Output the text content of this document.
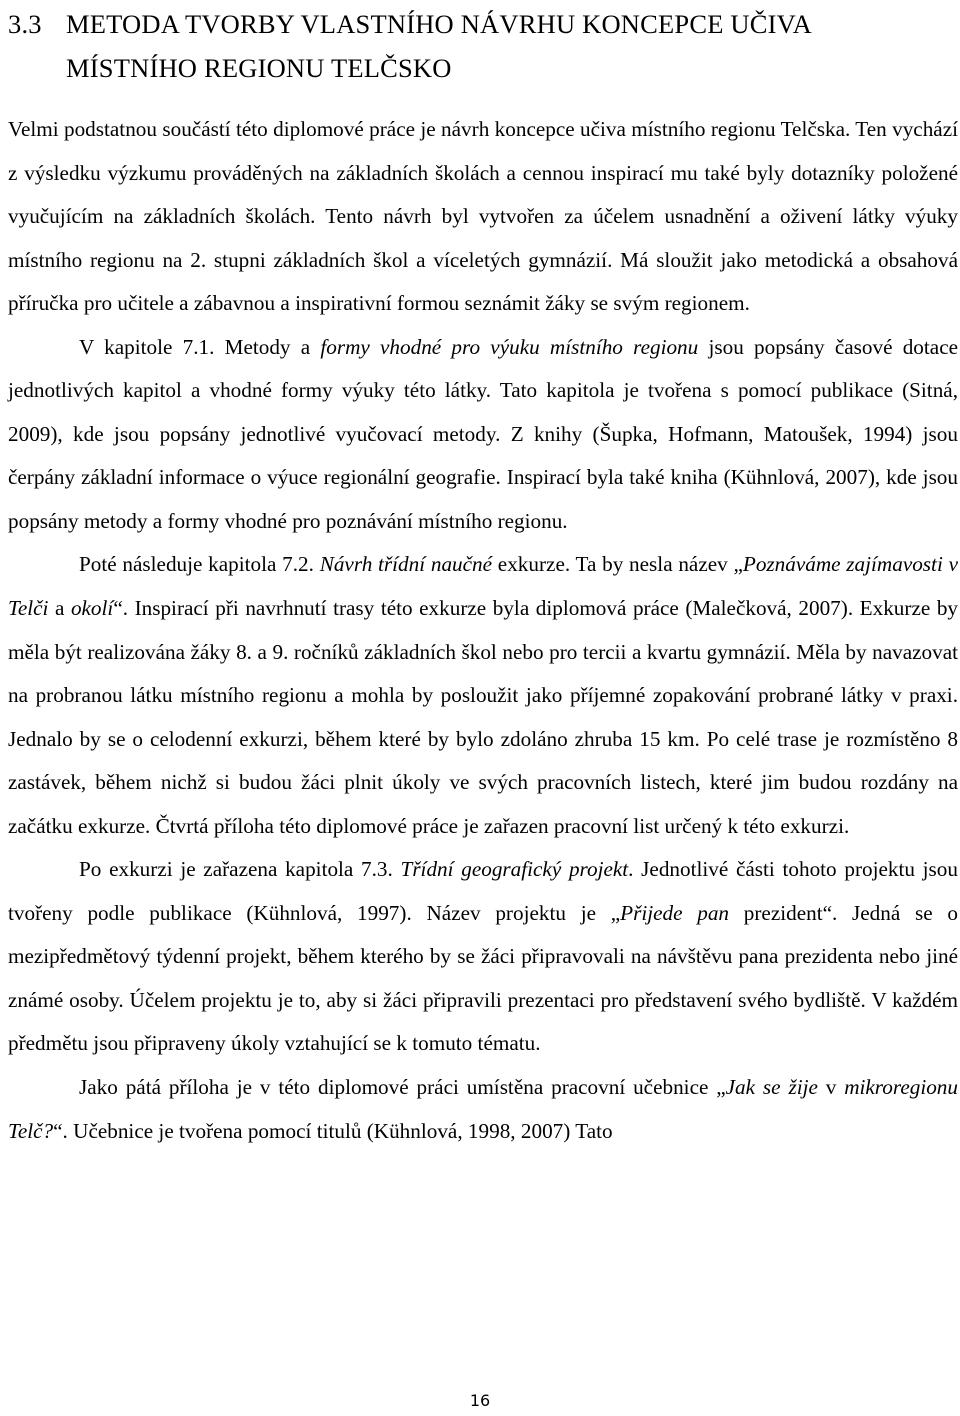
3.3 METODA TVORBY VLASTNÍHO NÁVRHU KONCEPCE UČIVA
MÍSTNÍHO REGIONU TELČSKO

Velmi podstatnou součástí této diplomové práce je návrh koncepce učiva místního regionu Telčska. Ten vychází z výsledku výzkumu prováděných na základních školách a cennou inspirací mu také byly dotazníky položené vyučujícím na základních školách. Tento návrh byl vytvořen za účelem usnadnění a oživení látky výuky místního regionu na 2. stupni základních škol a víceletých gymnázií. Má sloužit jako metodická a obsahová příručka pro učitele a zábavnou a inspirativní formou seznámit žáky se svým regionem.

V kapitole 7.1. Metody a formy vhodné pro výuku místního regionu jsou popsány časové dotace jednotlivých kapitol a vhodné formy výuky této látky. Tato kapitola je tvořena s pomocí publikace (Sitná, 2009), kde jsou popsány jednotlivé vyučovací metody. Z knihy (Šupka, Hofmann, Matoušek, 1994) jsou čerpány základní informace o výuce regionální geografie. Inspirací byla také kniha (Kühnlová, 2007), kde jsou popsány metody a formy vhodné pro poznávání místního regionu.

Poté následuje kapitola 7.2. Návrh třídní naučné exkurze. Ta by nesla název „Poznáváme zajímavosti v Telči a okolí“. Inspirací při navrhnutí trasy této exkurze byla diplomová práce (Malečková, 2007). Exkurze by měla být realizována žáky 8. a 9. ročníků základních škol nebo pro tercii a kvartu gymnázií. Měla by navazovat na probranou látku místního regionu a mohla by posloužit jako příjemné zopakování probrané látky v praxi. Jednalo by se o celodenní exkurzi, během které by bylo zdoláno zhruba 15 km. Po celé trase je rozmístěno 8 zastávek, během nichž si budou žáci plnit úkoly ve svých pracovních listech, které jim budou rozdány na začátku exkurze. Čtvrtá příloha této diplomové práce je zařazen pracovní list určený k této exkurzi.

Po exkurzi je zařazena kapitola 7.3. Třídní geografický projekt. Jednotlivé části tohoto projektu jsou tvořeny podle publikace (Kühnlová, 1997). Název projektu je „Přijede pan prezident“. Jedná se o mezipředmětový týdenní projekt, během kterého by se žáci připravovali na návštěvu pana prezidenta nebo jiné známé osoby. Účelem projektu je to, aby si žáci připravili prezentaci pro představení svého bydliště. V každém předmětu jsou připraveny úkoly vztahující se k tomuto tématu.

Jako pátá příloha je v této diplomové práci umístěna pracovní učebnice „Jak se žije v mikroregionu Telč?“. Učebnice je tvořena pomocí titulů (Kühnlová, 1998, 2007) Tato

16
